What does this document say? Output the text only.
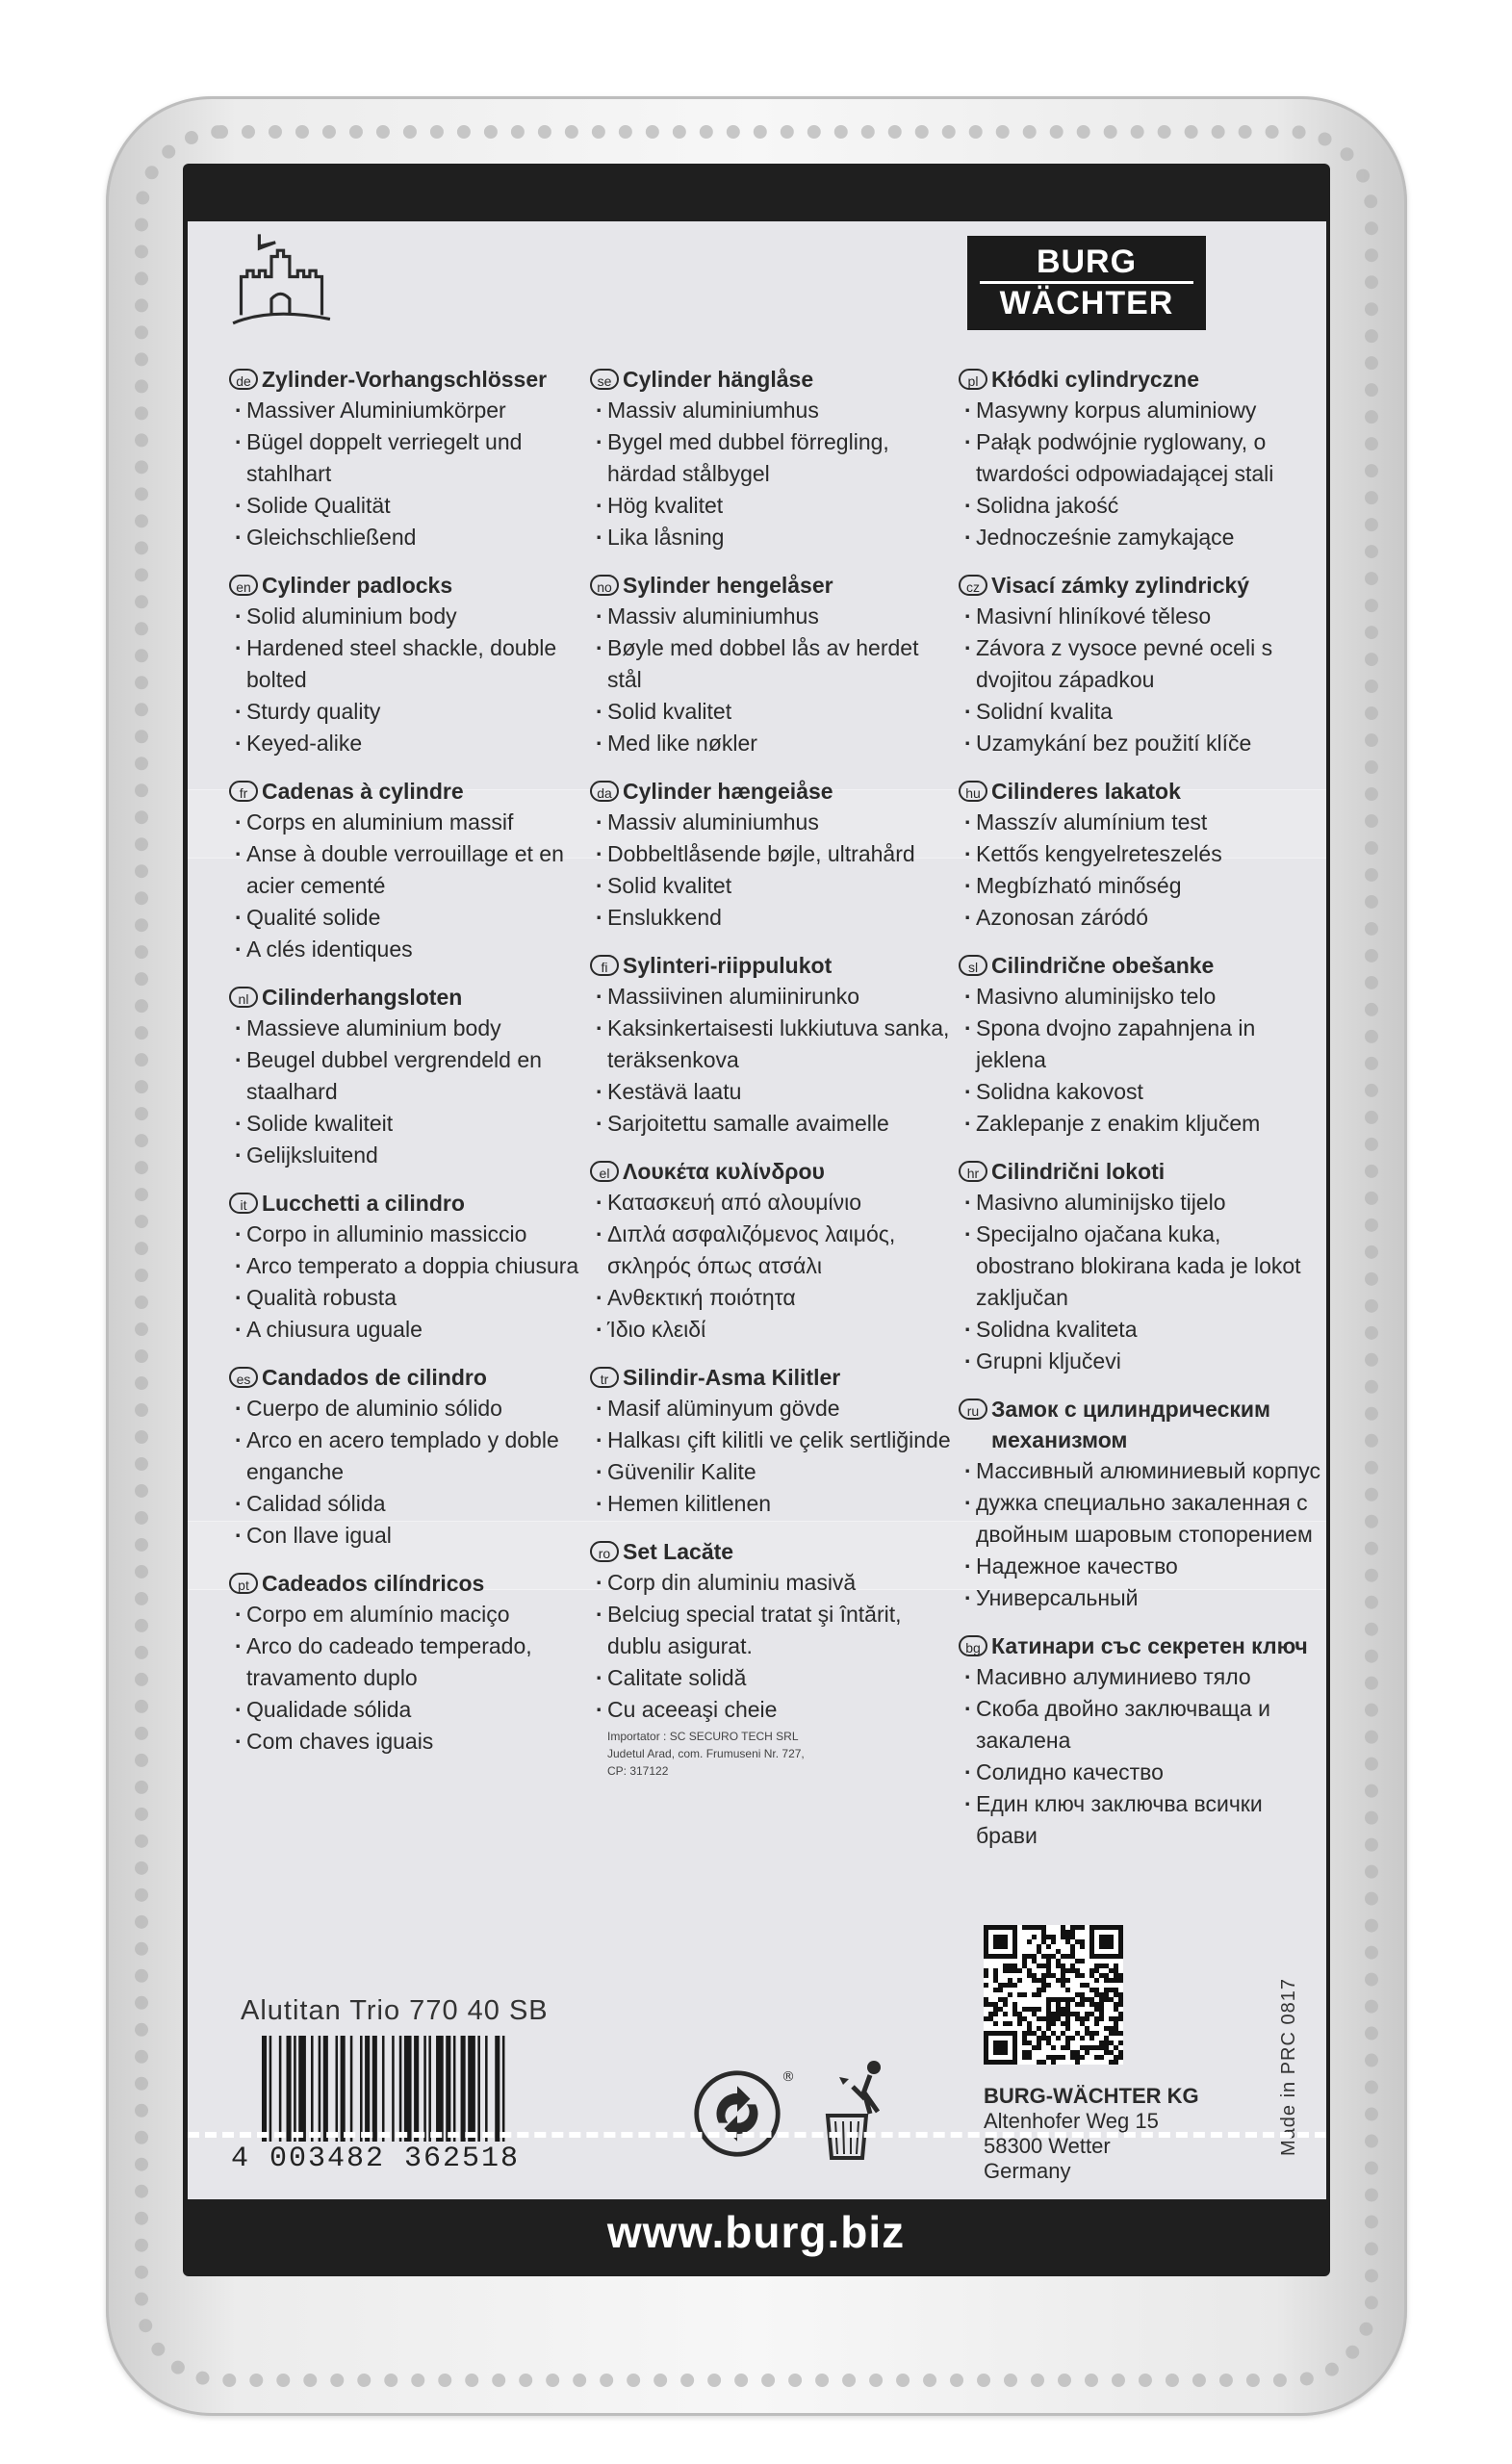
BURG
WÄCHTER
de Zylinder-Vorhangschlösser
· Massiver Aluminiumkörper
· Bügel doppelt verriegelt und stahlhart
· Solide Qualität
· Gleichschließend
en Cylinder padlocks
· Solid aluminium body
· Hardened steel shackle, double bolted
· Sturdy quality
· Keyed-alike
fr Cadenas à cylindre
· Corps en aluminium massif
· Anse à double verrouillage et en acier cementé
· Qualité solide
· A clés identiques
nl Cilinderhangsloten
· Massieve aluminium body
· Beugel dubbel vergrendeld en staalhard
· Solide kwaliteit
· Gelijksluitend
it Lucchetti a cilindro
· Corpo in alluminio massiccio
· Arco temperato a doppia chiusura
· Qualità robusta
· A chiusura uguale
es Candados de cilindro
· Cuerpo de aluminio sólido
· Arco en acero templado y doble enganche
· Calidad sólida
· Con llave igual
pt Cadeados cilíndricos
· Corpo em alumínio maciço
· Arco do cadeado temperado, travamento duplo
· Qualidade sólida
· Com chaves iguais
se Cylinder hänglåse
· Massiv aluminiumhus
· Bygel med dubbel förregling, härdad stålbygel
· Hög kvalitet
· Lika låsning
no Sylinder hengelåser
· Massiv aluminiumhus
· Bøyle med dobbel lås av herdet stål
· Solid kvalitet
· Med like nøkler
da Cylinder hængeiåse
· Massiv aluminiumhus
· Dobbeltlåsende bøjle, ultrahård
· Solid kvalitet
· Enslukkend
fi Sylinteri-riippulukot
· Massiivinen alumiinirunko
· Kaksinkertaisesti lukkiutuva sanka, teräksenkova
· Kestävä laatu
· Sarjoitettu samalle avaimelle
el Λουκέτα κυλίνδρου
· Κατασκευή από αλουμίνιο
· Διπλά ασφαλιζόμενος λαιμός, σκληρός όπως ατσάλι
· Ανθεκτική ποιότητα
· Ίδιο κλειδί
tr Silindir-Asma Kilitler
· Masif alüminyum gövde
· Halkası çift kilitli ve çelik sertliğinde
· Güvenilir Kalite
· Hemen kilitlenen
ro Set Lacăte
· Corp din aluminiu masivă
· Belciug special tratat şi întărit, dublu asigurat.
· Calitate solidă
· Cu aceeaşi cheie
Importator : SC SECURO TECH SRL
Judetul Arad, com. Frumuseni Nr. 727,
CP: 317122
pl Kłódki cylindryczne
· Masywny korpus aluminiowy
· Pałąk podwójnie ryglowany, o twardości odpowiadającej stali
· Solidna jakość
· Jednocześnie zamykające
cz Visací zámky zylindrický
· Masivní hliníkové těleso
· Závora z vysoce pevné oceli s dvojitou západkou
· Solidní kvalita
· Uzamykání bez použití klíče
hu Cilinderes lakatok
· Masszív alumínium test
· Kettős kengyelreteszelés
· Megbízható minőség
· Azonosan záródó
sl Cilindrične obešanke
· Masivno aluminijsko telo
· Spona dvojno zapahnjena in jeklena
· Solidna kakovost
· Zaklepanje z enakim ključem
hr Cilindrični lokoti
· Masivno aluminijsko tijelo
· Specijalno ojačana kuka, obostrano blokirana kada je lokot zaključan
· Solidna kvaliteta
· Grupni ključevi
ru Замок с цилиндрическим механизмом
· Массивный алюминиевый корпус
· дужка специально закаленная с двойным шаровым стопорением
· Надежное качество
· Универсальный
bg Катинари със секретен ключ
· Масивно алуминиево тяло
· Скоба двойно заключваща и закалена
· Солидно качество
· Един ключ заключва всички брави
Alutitan Trio 770 40 SB
4 003482 362518
®
BURG-WÄCHTER KG
Altenhofer Weg 15
58300 Wetter
Germany
Made in PRC 0817
www.burg.biz
